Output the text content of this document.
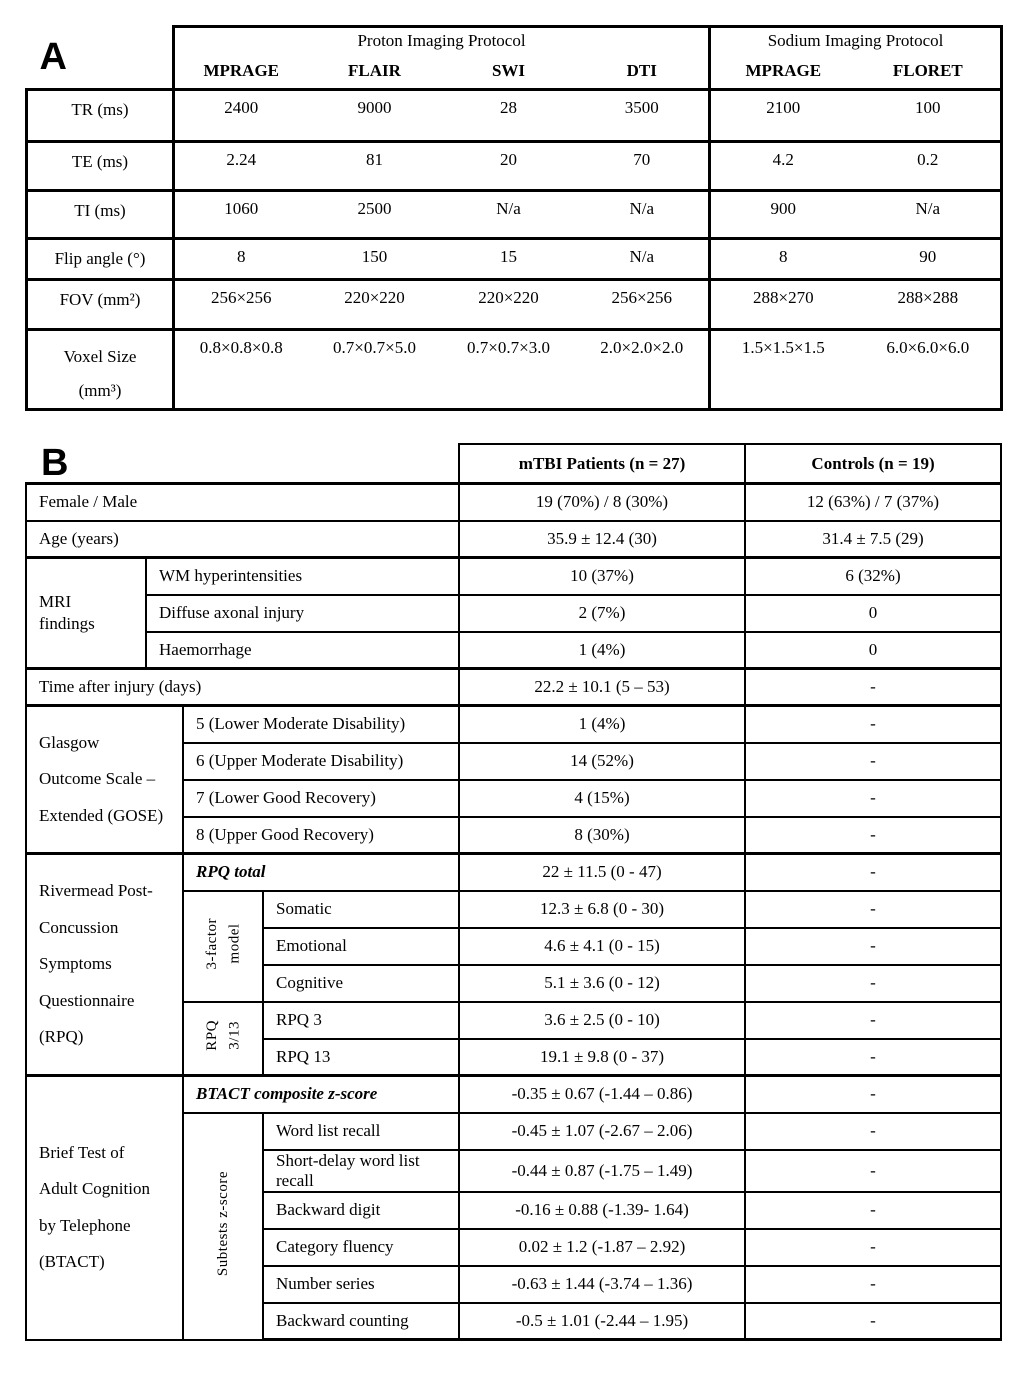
A	Proton Imaging Protocol				Sodium Imaging Protocol	
	MPRAGE	FLAIR	SWI	DTI	MPRAGE	FLORET
TR (ms)	2400	9000	28	3500	2100	100
TE (ms)	2.24	81	20	70	4.2	0.2
TI (ms)	1060	2500	N/a	N/a	900	N/a
Flip angle (°)	8	150	15	N/a	8	90
FOV (mm²)	256×256	220×220	220×220	256×256	288×270	288×288

Voxel Size
(mm³)	0.8×0.8×0.8	0.7×0.7×5.0	0.7×0.7×3.0	2.0×2.0×2.0	1.5×1.5×1.5	6.0×6.0×6.0
B				mTBI Patients (n = 27)	Controls (n = 19)
Female / Male				19 (70%) / 8 (30%)	12 (63%) / 7 (37%)
Age (years)				35.9 ± 12.4 (30)	31.4 ± 7.5 (29)

MRI
findings	WM hyperintensities			10 (37%)	6 (32%)
	Diffuse axonal injury			2 (7%)	0
	Haemorrhage			1 (4%)	0
Time after injury (days)				22.2 ± 10.1 (5 – 53)	-

Glasgow
Outcome Scale –
Extended (GOSE)		5 (Lower Moderate Disability)		1 (4%)	-
		6 (Upper Moderate Disability)		14 (52%)	-
		7 (Lower Good Recovery)		4 (15%)	-
		8 (Upper Good Recovery)		8 (30%)	-

Rivermead Post-
Concussion
Symptoms
Questionnaire
(RPQ)		RPQ total		22 ± 11.5 (0 - 47)	-

		3-factor model	Somatic	12.3 ± 6.8 (0 - 30)	-
			Emotional	4.6 ± 4.1 (0 - 15)	-
			Cognitive	5.1 ± 3.6 (0 - 12)	-

		RPQ 3/13	RPQ 3	3.6 ± 2.5 (0 - 10)	-
			RPQ 13	19.1 ± 9.8 (0 - 37)	-

Brief Test of
Adult Cognition
by Telephone
(BTACT)		BTACT composite z-score		-0.35 ± 0.67 (-1.44 – 0.86)	-

		Subtests z-score	Word list recall	-0.45 ± 1.07 (-2.67 – 2.06)	-
			Short-delay word list recall	-0.44 ± 0.87 (-1.75 – 1.49)	-
			Backward digit	-0.16 ± 0.88 (-1.39- 1.64)	-
			Category fluency	0.02 ± 1.2 (-1.87 – 2.92)	-
			Number series	-0.63 ± 1.44 (-3.74 – 1.36)	-
			Backward counting	-0.5 ± 1.01 (-2.44 – 1.95)	-
